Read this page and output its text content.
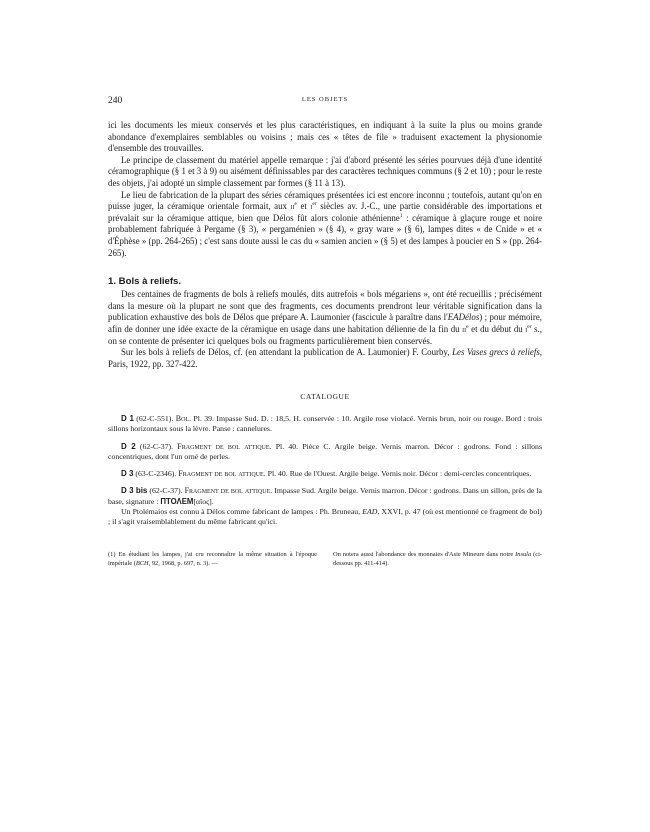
240	LES OBJETS

ici les documents les mieux conservés et les plus caractéristiques, en indiquant à la suite la plus ou moins grande abondance d'exemplaires semblables ou voisins ; mais ces « têtes de file » traduisent exactement la physionomie d'ensemble des trouvailles.

Le principe de classement du matériel appelle remarque : j'ai d'abord présenté les séries pourvues déjà d'une identité céramographique (§ 1 et 3 à 9) ou aisément définissables par des caractères techniques communs (§ 2 et 10) ; pour le reste des objets, j'ai adopté un simple classement par formes (§ 11 à 13).

Le lieu de fabrication de la plupart des séries céramiques présentées ici est encore inconnu ; toutefois, autant qu'on en puisse juger, la céramique orientale formait, aux $ii^e$ et $i^{er}$ siècles av. J.-C., une partie considérable des importations et prévalait sur la céramique attique, bien que Délos fût alors colonie athénienne$^1$ : céramique à glaçure rouge et noire probablement fabriquée à Pergame (§ 3), « pergaménien » (§ 4), « gray ware » (§ 6), lampes dites « de Cnide » et « d'Éphèse » (pp. 264-265) ; c'est sans doute aussi le cas du « samien ancien » (§ 5) et des lampes à poucier en S » (pp. 264-265).

1. Bols à reliefs.

Des centaines de fragments de bols à reliefs moulés, dits autrefois « bols mégariens », ont été recueillis ; précisément dans la mesure où la plupart ne sont que des fragments, ces documents prendront leur véritable signification dans la publication exhaustive des bols de Délos que prépare A. Laumonier (fascicule à paraître dans l'EADélos) ; pour mémoire, afin de donner une idée exacte de la céramique en usage dans une habitation délienne de la fin du $ii^e$ et du début du $i^{er}$ s., on se contente de présenter ici quelques bols ou fragments particulièrement bien conservés.

Sur les bols à reliefs de Délos, cf. (en attendant la publication de A. Laumonier) F. Courby, Les Vases grecs à reliefs, Paris, 1922, pp. 327-422.

CATALOGUE

D 1 (62-C-551). Bol. Pl. 39. Impasse Sud. D. : 18,5. H. conservée : 10. Argile rose violacé. Vernis brun, noir ou rouge. Bord : trois sillons horizontaux sous la lèvre. Panse : cannelures.

D 2 (62-C-37). Fragment de bol attique. Pl. 40. Pièce C. Argile beige. Vernis marron. Décor : godrons. Fond : sillons concentriques, dont l'un orné de perles.

D 3 (63-C-2346). Fragment de bol attique. Pl. 40. Rue de l'Ouest. Argile beige. Vernis noir. Décor : demi-cercles concentriques.

D 3 bis (62-C-37). Fragment de bol attique. Impasse Sud. Argile beige. Vernis marron. Décor : godrons. Dans un sillon, près de la base, signature : ΠΤΟΛΕΜ[αῖος].

Un Ptolémaios est connu à Délos comme fabricant de lampes : Ph. Bruneau, EAD, XXVI, p. 47 (où est mentionné ce fragment de bol) ; il s'agit vraisemblablement du même fabricant qu'ici.

(1) En étudiant les lampes, j'ai cru reconnaître la même situation à l'époque impériale (BCH, 92, 1968, p. 697, n. 3). —

On notera aussi l'abondance des monnaies d'Asie Mineure dans notre Insula (ci-dessous pp. 411-414).
